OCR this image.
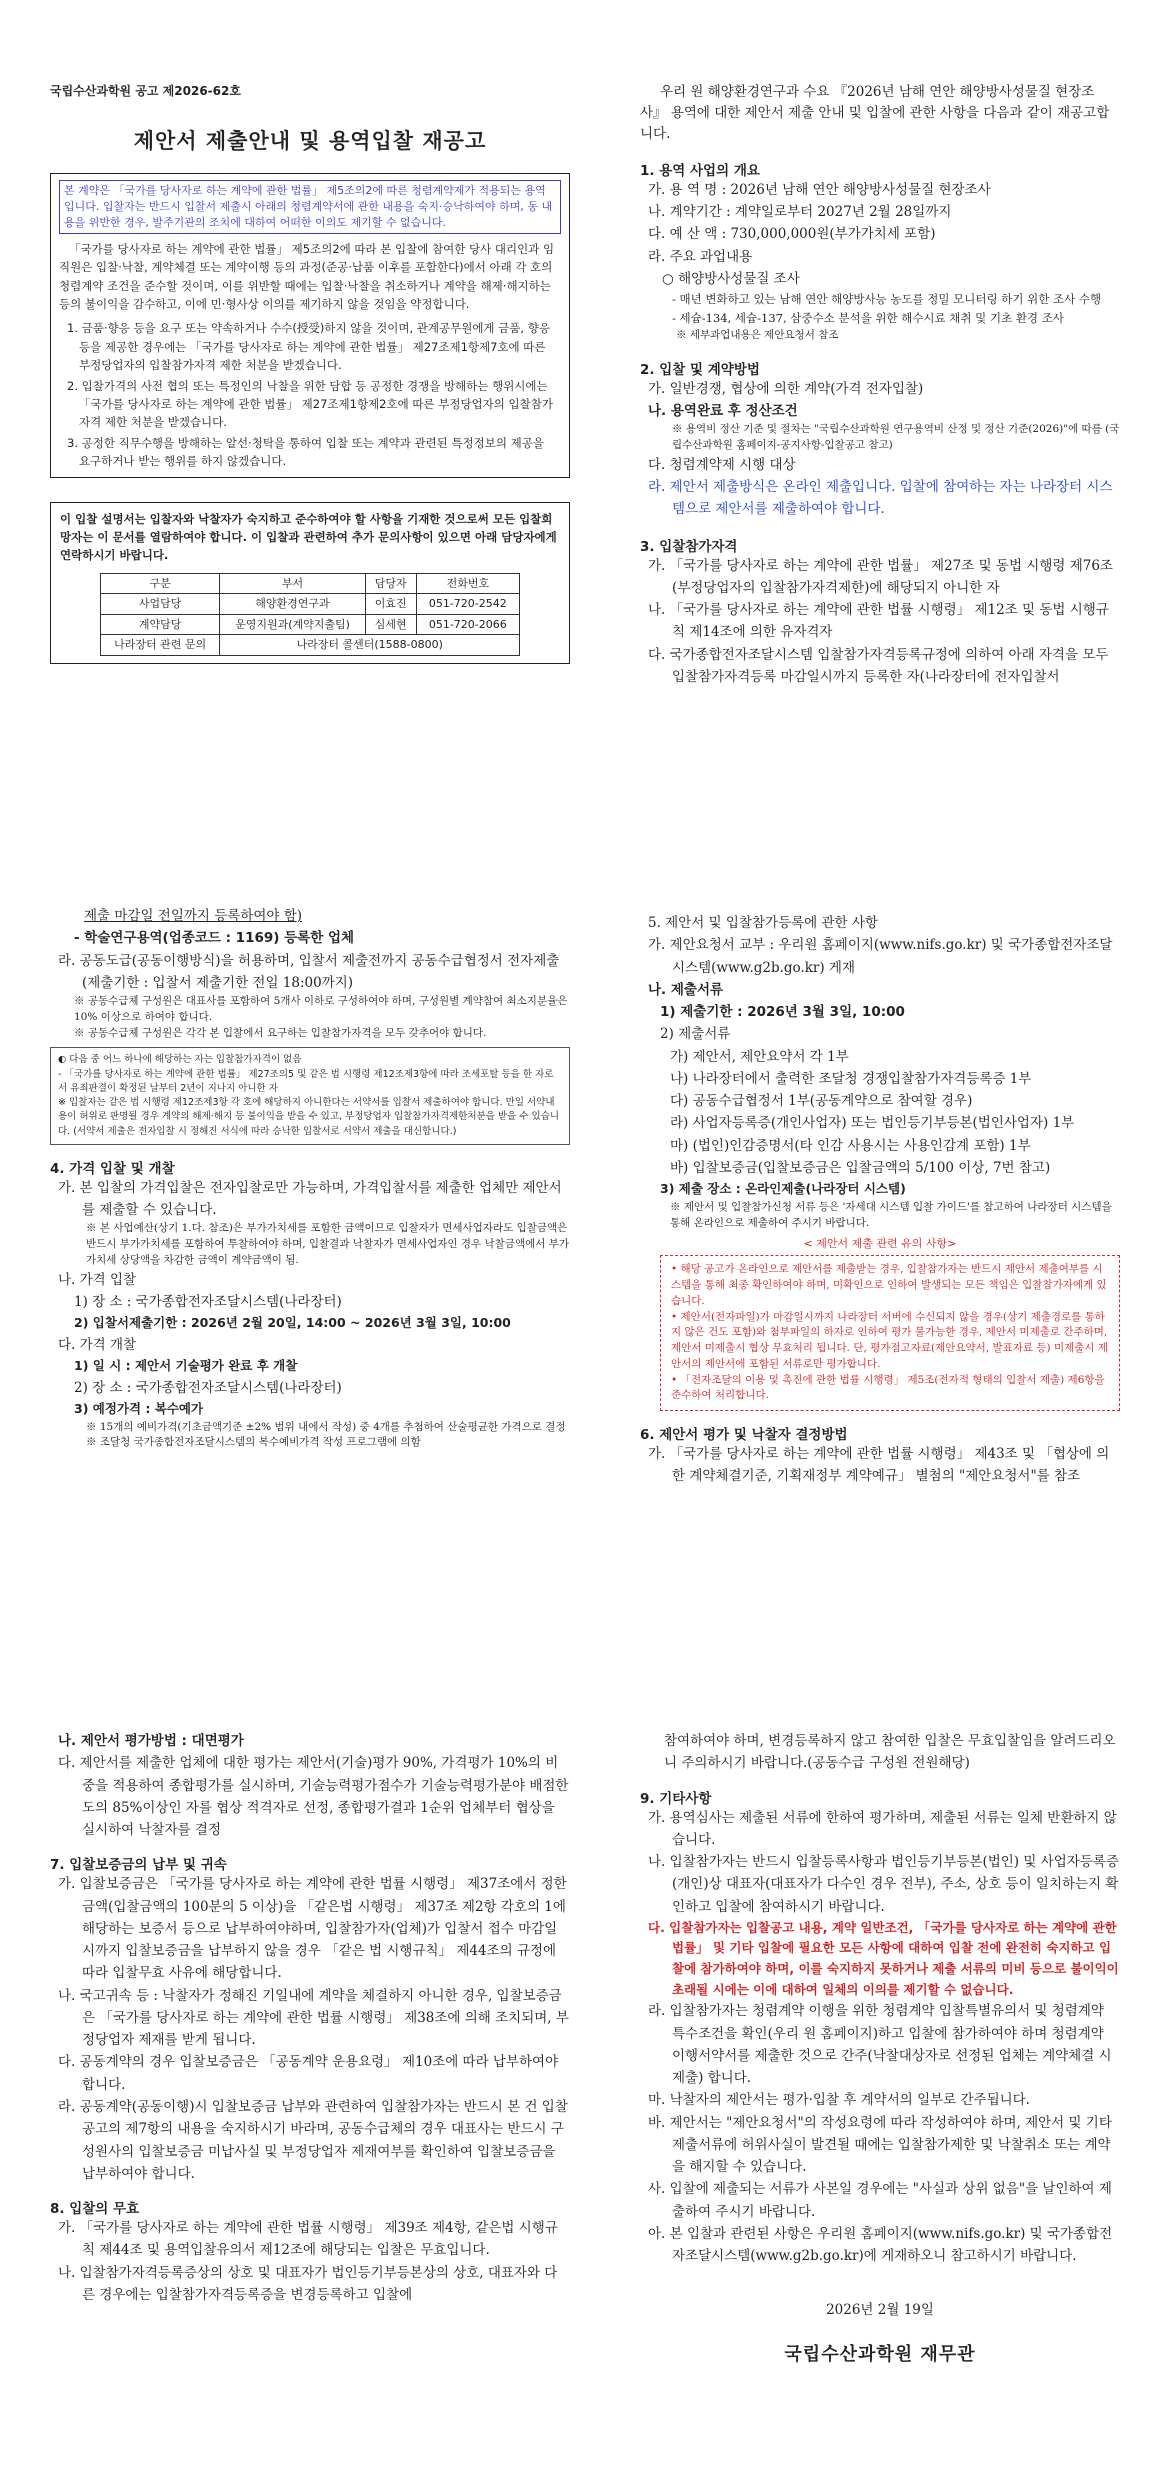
국립수산과학원 공고 제2026-62호
제안서 제출안내 및 용역입찰 재공고
본 계약은 「국가를 당사자로 하는 계약에 관한 법률」 제5조의2에 따른 청렴계약제가 적용되는 용역입니다. 입찰자는 반드시 입찰서 제출시 아래의 청렴계약서에 관한 내용을 숙지·승낙하여야 하며, 동 내용을 위반한 경우, 발주기관의 조치에 대하여 어떠한 이의도 제기할 수 없습니다.
「국가를 당사자로 하는 계약에 관한 법률」 제5조의2에 따라 본 입찰에 참여한 당사 대리인과 임직원은 입찰·낙찰, 계약체결 또는 계약이행 등의 과정(준공·납품 이후를 포함한다)에서 아래 각 호의 청렴계약 조건을 준수할 것이며, 이를 위반할 때에는 입찰·낙찰을 취소하거나 계약을 해제·해지하는 등의 불이익을 감수하고, 이에 민·형사상 이의를 제기하지 않을 것임을 약정합니다.
1. 금품·향응 등을 요구 또는 약속하거나 수수(授受)하지 않을 것이며, 관계공무원에게 금품, 향응 등을 제공한 경우에는 「국가를 당사자로 하는 계약에 관한 법률」 제27조제1항제7호에 따른 부정당업자의 입찰참가자격 제한 처분을 받겠습니다.
2. 입찰가격의 사전 협의 또는 특정인의 낙찰을 위한 담합 등 공정한 경쟁을 방해하는 행위시에는 「국가를 당사자로 하는 계약에 관한 법률」 제27조제1항제2호에 따른 부정당업자의 입찰참가자격 제한 처분을 받겠습니다.
3. 공정한 직무수행을 방해하는 알선·청탁을 통하여 입찰 또는 계약과 관련된 특정정보의 제공을 요구하거나 받는 행위를 하지 않겠습니다.
이 입찰 설명서는 입찰자와 낙찰자가 숙지하고 준수하여야 할 사항을 기재한 것으로써 모든 입찰희망자는 이 문서를 열람하여야 합니다. 이 입찰과 관련하여 추가 문의사항이 있으면 아래 담당자에게 연락하시기 바랍니다.
구분	부서	담당자	전화번호
사업담당	해양환경연구과	이효진	051-720-2542
계약담당	운영지원과(계약지출팀)	심세현	051-720-2066
나라장터 관련 문의	나라장터 콜센터(1588-0800)		

우리 원 해양환경연구과 수요 『2026년 남해 연안 해양방사성물질 현장조사』 용역에 대한 제안서 제출 안내 및 입찰에 관한 사항을 다음과 같이 재공고합니다.

1. 용역 사업의 개요
가. 용 역 명 : 2026년 남해 연안 해양방사성물질 현장조사
나. 계약기간 : 계약일로부터 2027년 2월 28일까지
다. 예 산 액 : 730,000,000원(부가가치세 포함)
라. 주요 과업내용
○ 해양방사성물질 조사
- 매년 변화하고 있는 남해 연안 해양방사능 농도를 정밀 모니터링 하기 위한 조사 수행
- 세슘-134, 세슘-137, 삼중수소 분석을 위한 해수시료 채취 및 기초 환경 조사
※ 세부과업내용은 제안요청서 참조
2. 입찰 및 계약방법
가. 일반경쟁, 협상에 의한 계약(가격 전자입찰)
나. 용역완료 후 정산조건
※ 용역비 정산 기준 및 절차는 "국립수산과학원 연구용역비 산정 및 정산 기준(2026)"에 따름 (국립수산과학원 홈페이지-공지사항-입찰공고 참고)
다. 청렴계약제 시행 대상
라. 제안서 제출방식은 온라인 제출입니다. 입찰에 참여하는 자는 나라장터 시스템으로 제안서를 제출하여야 합니다.
3. 입찰참가자격
가. 「국가를 당사자로 하는 계약에 관한 법률」 제27조 및 동법 시행령 제76조(부정당업자의 입찰참가자격제한)에 해당되지 아니한 자
나. 「국가를 당사자로 하는 계약에 관한 법률 시행령」 제12조 및 동법 시행규칙 제14조에 의한 유자격자
다. 국가종합전자조달시스템 입찰참가자격등록규정에 의하여 아래 자격을 모두 입찰참가자격등록 마감일시까지 등록한 자(나라장터에 전자입찰서
제출 마감일 전일까지 등록하여야 함)
- 학술연구용역(업종코드 : 1169) 등록한 업체
라. 공동도급(공동이행방식)을 허용하며, 입찰서 제출전까지 공동수급협정서 전자제출(제출기한 : 입찰서 제출기한 전일 18:00까지)
※ 공동수급체 구성원은 대표사를 포함하여 5개사 이하로 구성하여야 하며, 구성원별 계약참여 최소지분율은 10% 이상으로 하여야 합니다.
※ 공동수급체 구성원은 각각 본 입찰에서 요구하는 입찰참가자격을 모두 갖추어야 합니다.
◐ 다음 중 어느 하나에 해당하는 자는 입찰참가자격이 없음
- 「국가를 당사자로 하는 계약에 관한 법률」 제27조의5 및 같은 법 시행령 제12조제3항에 따라 조세포탈 등을 한 자로서 유죄판결이 확정된 날부터 2년이 지나지 아니한 자
※ 입찰자는 같은 법 시행령 제12조제3항 각 호에 해당하지 아니한다는 서약서를 입찰서 제출하여야 합니다. 만일 서약내용이 허위로 판명될 경우 계약의 해제·해지 등 불이익을 받을 수 있고, 부정당업자 입찰참가자격제한처분을 받을 수 있습니다. (서약서 제출은 전자입찰 시 정해진 서식에 따라 승낙한 입찰서로 서약서 제출을 대신합니다.)
4. 가격 입찰 및 개찰
가. 본 입찰의 가격입찰은 전자입찰로만 가능하며, 가격입찰서를 제출한 업체만 제안서를 제출할 수 있습니다.
※ 본 사업예산(상기 1.다. 참조)은 부가가치세를 포함한 금액이므로 입찰자가 면세사업자라도 입찰금액은 반드시 부가가치세를 포함하여 투찰하여야 하며, 입찰결과 낙찰자가 면세사업자인 경우 낙찰금액에서 부가가치세 상당액을 차감한 금액이 계약금액이 됨.
나. 가격 입찰
1) 장 소 : 국가종합전자조달시스템(나라장터)
2) 입찰서제출기한 : 2026년 2월 20일, 14:00 ~ 2026년 3월 3일, 10:00
다. 가격 개찰
1) 일 시 : 제안서 기술평가 완료 후 개찰
2) 장 소 : 국가종합전자조달시스템(나라장터)
3) 예정가격 : 복수예가
※ 15개의 예비가격(기초금액기준 ±2% 범위 내에서 작성) 중 4개를 추첨하여 산술평균한 가격으로 결정
※ 조달청 국가종합전자조달시스템의 복수예비가격 작성 프로그램에 의함
5. 제안서 및 입찰참가등록에 관한 사항
가. 제안요청서 교부 : 우리원 홈페이지(www.nifs.go.kr) 및 국가종합전자조달시스템(www.g2b.go.kr) 게재
나. 제출서류
1) 제출기한 : 2026년 3월 3일, 10:00
2) 제출서류
가) 제안서, 제안요약서 각 1부
나) 나라장터에서 출력한 조달청 경쟁입찰참가자격등록증 1부
다) 공동수급협정서 1부(공동계약으로 참여할 경우)
라) 사업자등록증(개인사업자) 또는 법인등기부등본(법인사업자) 1부
마) (법인)인감증명서(타 인감 사용시는 사용인감계 포함) 1부
바) 입찰보증금(입찰보증금은 입찰금액의 5/100 이상, 7번 참고)
3) 제출 장소 : 온라인제출(나라장터 시스템)
※ 제안서 및 입찰참가신청 서류 등은 '자세대 시스템 입찰 가이드'를 참고하여 나라장터 시스템을 통해 온라인으로 제출하여 주시기 바랍니다.
< 제안서 제출 관련 유의 사항>
• 해당 공고가 온라인으로 제안서를 제출받는 경우, 입찰참가자는 반드시 제안서 제출여부를 시스템을 통해 최종 확인하여야 하며, 미확인으로 인하여 발생되는 모든 책임은 입찰참가자에게 있습니다.
• 제안서(전자파일)가 마감일시까지 나라장터 서버에 수신되지 않을 경우(상기 제출경로를 통하지 않은 건도 포함)와 첨부파일의 하자로 인하여 평가 불가능한 경우, 제안서 미제출로 간주하며, 제안서 미제출시 협상 무효처리 됩니다. 단, 평가점고자료(제안요약서, 발표자료 등) 미제출시 제안서의 제안서에 포함된 서류로만 평가합니다.
• 「전자조달의 이용 및 촉진에 관한 법률 시행령」 제5조(전자적 형태의 입찰서 제출) 제6항을 준수하여 처리합니다.
6. 제안서 평가 및 낙찰자 결정방법
가. 「국가를 당사자로 하는 계약에 관한 법률 시행령」 제43조 및 「협상에 의한 계약체결기준, 기획재정부 계약예규」 별첨의 "제안요청서"를 참조
나. 제안서 평가방법 : 대면평가
다. 제안서를 제출한 업체에 대한 평가는 제안서(기술)평가 90%, 가격평가 10%의 비중을 적용하여 종합평가를 실시하며, 기술능력평가점수가 기술능력평가분야 배점한도의 85%이상인 자를 협상 적격자로 선정, 종합평가결과 1순위 업체부터 협상을 실시하여 낙찰자를 결정
7. 입찰보증금의 납부 및 귀속
가. 입찰보증금은 「국가를 당사자로 하는 계약에 관한 법률 시행령」 제37조에서 정한 금액(입찰금액의 100분의 5 이상)을 「같은법 시행령」 제37조 제2항 각호의 1에 해당하는 보증서 등으로 납부하여야하며, 입찰참가자(업체)가 입찰서 접수 마감일시까지 입찰보증금을 납부하지 않을 경우 「같은 법 시행규칙」 제44조의 규정에 따라 입찰무효 사유에 해당합니다.
나. 국고귀속 등 : 낙찰자가 정해진 기일내에 계약을 체결하지 아니한 경우, 입찰보증금은 「국가를 당사자로 하는 계약에 관한 법률 시행령」 제38조에 의해 조치되며, 부정당업자 제재를 받게 됩니다.
다. 공동계약의 경우 입찰보증금은 「공동계약 운용요령」 제10조에 따라 납부하여야 합니다.
라. 공동계약(공동이행)시 입찰보증금 납부와 관련하여 입찰참가자는 반드시 본 건 입찰공고의 제7항의 내용을 숙지하시기 바라며, 공동수급체의 경우 대표사는 반드시 구성원사의 입찰보증금 미납사실 및 부정당업자 제재여부를 확인하여 입찰보증금을 납부하여야 합니다.
8. 입찰의 무효
가. 「국가를 당사자로 하는 계약에 관한 법률 시행령」 제39조 제4항, 같은법 시행규칙 제44조 및 용역입찰유의서 제12조에 해당되는 입찰은 무효입니다.
나. 입찰참가자격등록증상의 상호 및 대표자가 법인등기부등본상의 상호, 대표자와 다른 경우에는 입찰참가자격등록증을 변경등록하고 입찰에
참여하여야 하며, 변경등록하지 않고 참여한 입찰은 무효입찰임을 알려드리오니 주의하시기 바랍니다.(공동수급 구성원 전원해당)
9. 기타사항
가. 용역심사는 제출된 서류에 한하여 평가하며, 제출된 서류는 일체 반환하지 않습니다.
나. 입찰참가자는 반드시 입찰등록사항과 법인등기부등본(법인) 및 사업자등록증(개인)상 대표자(대표자가 다수인 경우 전부), 주소, 상호 등이 일치하는지 확인하고 입찰에 참여하시기 바랍니다.
다. 입찰참가자는 입찰공고 내용, 계약 일반조건, 「국가를 당사자로 하는 계약에 관한 법률」 및 기타 입찰에 필요한 모든 사항에 대하여 입찰 전에 완전히 숙지하고 입찰에 참가하여야 하며, 이를 숙지하지 못하거나 제출 서류의 미비 등으로 불이익이 초래될 시에는 이에 대하여 일체의 이의를 제기할 수 없습니다.
라. 입찰참가자는 청렴계약 이행을 위한 청렴계약 입찰특별유의서 및 청렴계약 특수조건을 확인(우리 원 홈페이지)하고 입찰에 참가하여야 하며 청렴계약 이행서약서를 제출한 것으로 간주(낙찰대상자로 선정된 업체는 계약체결 시 제출) 합니다.
마. 낙찰자의 제안서는 평가·입찰 후 계약서의 일부로 간주됩니다.
바. 제안서는 "제안요청서"의 작성요령에 따라 작성하여야 하며, 제안서 및 기타제출서류에 허위사실이 발견될 때에는 입찰참가제한 및 낙찰취소 또는 계약을 해지할 수 있습니다.
사. 입찰에 제출되는 서류가 사본일 경우에는 "사실과 상위 없음"을 날인하여 제출하여 주시기 바랍니다.
아. 본 입찰과 관련된 사항은 우리원 홈페이지(www.nifs.go.kr) 및 국가종합전자조달시스템(www.g2b.go.kr)에 게재하오니 참고하시기 바랍니다.
2026년 2월 19일
국립수산과학원 재무관
